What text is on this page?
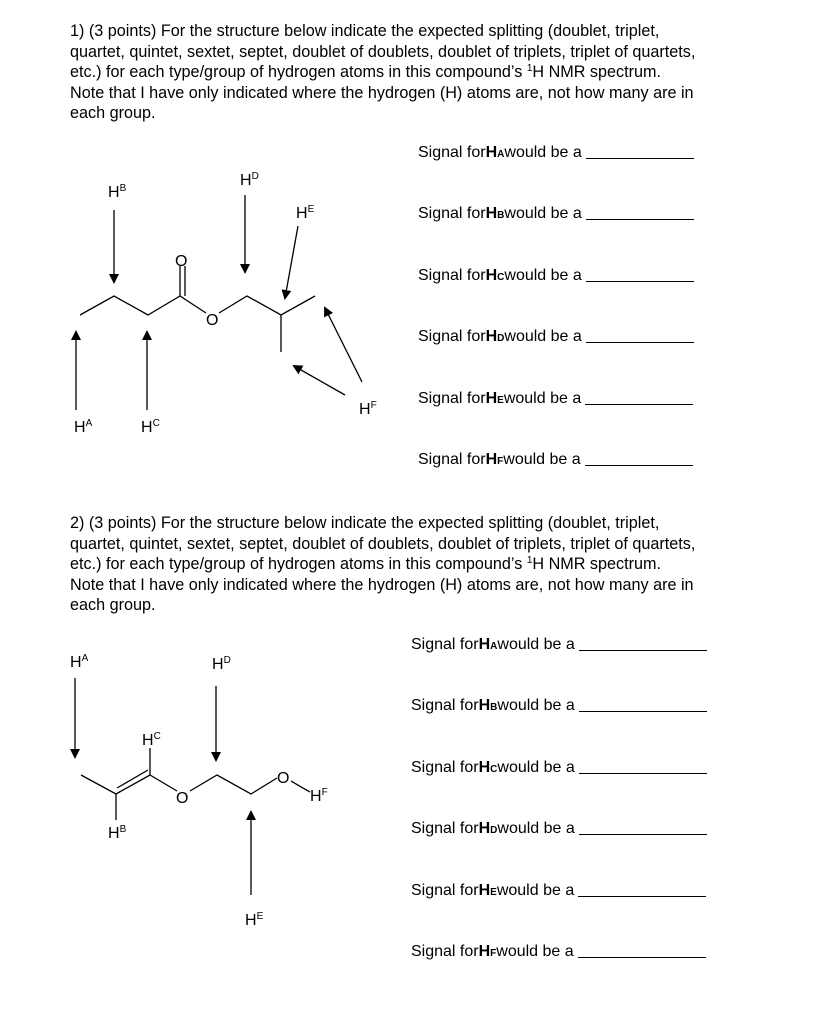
1) (3 points) For the structure below indicate the expected splitting (doublet, triplet,
quartet, quintet, sextet, septet, doublet of doublets, doublet of triplets, triplet of quartets,
etc.) for each type/group of hydrogen atoms in this compound’s $^1$H NMR spectrum.
Note that I have only indicated where the hydrogen (H) atoms are, not how many are in
each group.

O
O
$H^B$	$H^D$
$H^E$
$H^A$	$H^C$
$H^F$
Signal for H A would be a
Signal for H B would be a
Signal for H C would be a
Signal for H D would be a
Signal for H E would be a
Signal for H F would be a

2) (3 points) For the structure below indicate the expected splitting (doublet, triplet,
quartet, quintet, sextet, septet, doublet of doublets, doublet of triplets, triplet of quartets,
etc.) for each type/group of hydrogen atoms in this compound’s $^1$H NMR spectrum.
Note that I have only indicated where the hydrogen (H) atoms are, not how many are in
each group.

O
O
$H^A$	$H^D$
$H^C$
$H^F$
$H^B$
$H^E$
Signal for H A would be a
Signal for H B would be a
Signal for H C would be a
Signal for H D would be a
Signal for H E would be a
Signal for H F would be a
